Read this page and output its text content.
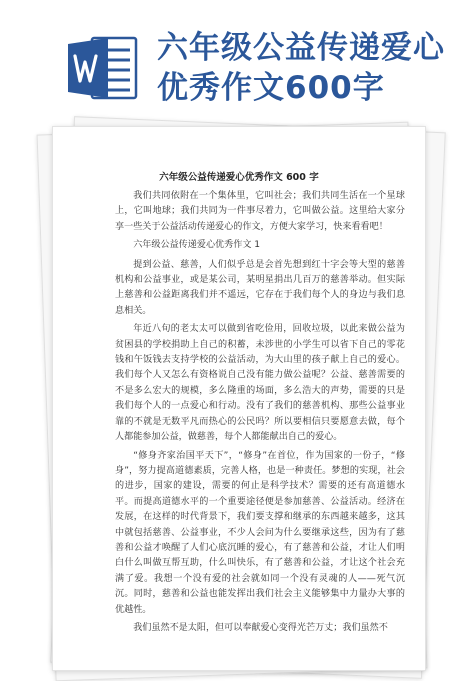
六年级公益传递爱心优秀作文600字
六年级公益传递爱心优秀作文 600 字

我们共同依附在一个集体里，它叫社会；我们共同生活在一个星球上，它叫地球；我们共同为一件事尽着力，它叫做公益。这里给大家分享一些关于公益活动传递爱心的作文，方便大家学习，快来看看吧！

六年级公益传递爱心优秀作文 1

提到公益、慈善，人们似乎总是会首先想到红十字会等大型的慈善机构和公益事业，或是某公司，某明星捐出几百万的慈善举动。但实际上慈善和公益距离我们并不遥远，它存在于我们每个人的身边与我们息息相关。

年近八旬的老太太可以做到省吃俭用，回收垃圾，以此来做公益为贫困县的学校捐助上自己的积蓄，未涉世的小学生可以省下自己的零花钱和午饭钱去支持学校的公益活动，为大山里的孩子献上自己的爱心。我们每个人又怎么有资格说自己没有能力做公益呢？公益、慈善需要的不是多么宏大的规模，多么隆重的场面，多么浩大的声势，需要的只是我们每个人的一点爱心和行动。没有了我们的慈善机构、那些公益事业靠的不就是无数平凡而热心的公民吗？所以要相信只要愿意去做，每个人都能参加公益，做慈善，每个人都能献出自己的爱心。

“修身齐家治国平天下”，“修身”在首位，作为国家的一份子，“修身”，努力提高道德素质，完善人格，也是一种责任。梦想的实现，社会的进步，国家的建设，需要的何止是科学技术？需要的还有高道德水平。而提高道德水平的一个重要途径便是参加慈善、公益活动。经济在发展，在这样的时代背景下，我们要支撑和继承的东西越来越多，这其中就包括慈善、公益事业，不少人会问为什么要继承这些，因为有了慈善和公益才唤醒了人们心底沉睡的爱心，有了慈善和公益，才让人们明白什么叫做互帮互助，什么叫快乐，有了慈善和公益，才让这个社会充满了爱。我想一个没有爱的社会就如同一个没有灵魂的人——死气沉沉。同时，慈善和公益也能发挥出我们社会主义能够集中力量办大事的优越性。

我们虽然不是太阳，但可以奉献爱心变得光芒万丈；我们虽然不
